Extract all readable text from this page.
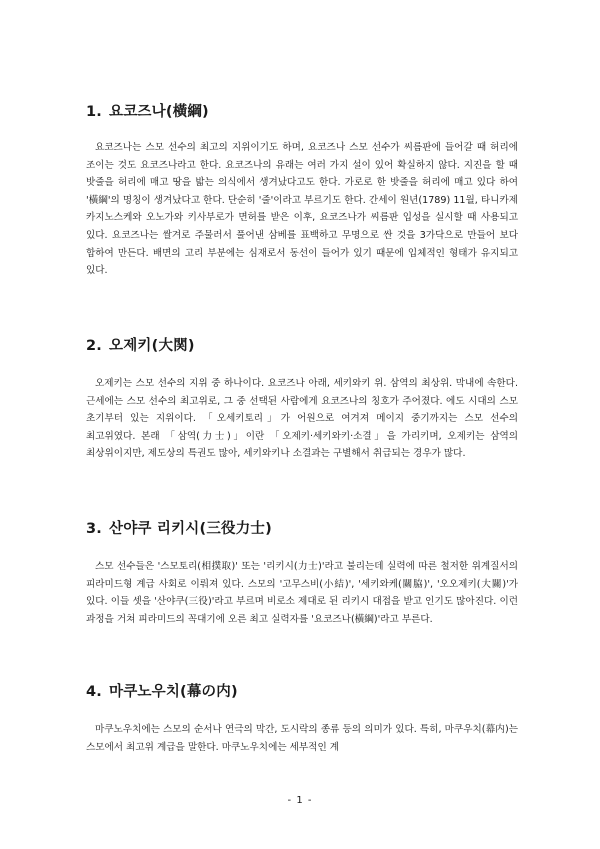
1. 요코즈나(橫綱)

요코즈나는 스모 선수의 최고의 지위이기도 하며, 요코즈나 스모 선수가 씨름판에 들어갈 때 허리에 조이는 것도 요코즈나라고 한다. 요코즈나의 유래는 여러 가지 설이 있어 확실하지 않다. 지진을 할 때 밧줄을 허리에 매고 땅을 밟는 의식에서 생겨났다고도 한다. 가로로 한 밧줄을 허리에 매고 있다 하여 '橫綱'의 명칭이 생겨났다고 한다. 단순히 '줄'이라고 부르기도 한다. 간세이 원년(1789) 11월, 타니카제 카지노스케와 오노가와 키사부로가 면허를 받은 이후, 요코즈나가 씨름판 입성을 실시할 때 사용되고 있다. 요코즈나는 쌀겨로 주물러서 풀어낸 삼베를 표백하고 무명으로 싼 것을 3가닥으로 만들어 보다 합하여 만든다. 배면의 고리 부분에는 심재로서 동선이 들어가 있기 때문에 입체적인 형태가 유지되고 있다.

2. 오제키(大関)

오제키는 스모 선수의 지위 중 하나이다. 요코즈나 아래, 세키와키 위. 삼역의 최상위. 막내에 속한다. 근세에는 스모 선수의 최고위로, 그 중 선택된 사람에게 요코즈나의 칭호가 주어졌다. 에도 시대의 스모 초기부터 있는 지위이다. 「오세키토리」가 어원으로 여겨져 메이지 중기까지는 스모 선수의 최고위였다. 본래 「삼역(力士)」이란 「오제키·세키와키·소결」을 가리키며, 오제키는 삼역의 최상위이지만, 제도상의 특권도 많아, 세키와키나 소결과는 구별해서 취급되는 경우가 많다.

3. 산야쿠 리키시(三役力士)

스모 선수들은 '스모토리(相撲取)' 또는 '리키시(力士)'라고 불리는데 실력에 따른 철저한 위계질서의 피라미드형 계급 사회로 이뤄져 있다. 스모의 '고무스비(小結)', '세키와케(關脇)', '오오제키(大關)'가 있다. 이들 셋을 '산야쿠(三役)'라고 부르며 비로소 제대로 된 리키시 대접을 받고 인기도 많아진다. 이런 과정을 거쳐 피라미드의 꼭대기에 오른 최고 실력자를 '요코즈나(橫綱)'라고 부른다.

4. 마쿠노우치(幕の内)

마쿠노우치에는 스모의 순서나 연극의 막간, 도시락의 종류 등의 의미가 있다. 특히, 마쿠우치(幕内)는 스모에서 최고위 계급을 말한다. 마쿠노우치에는 세부적인 계

- 1 -
